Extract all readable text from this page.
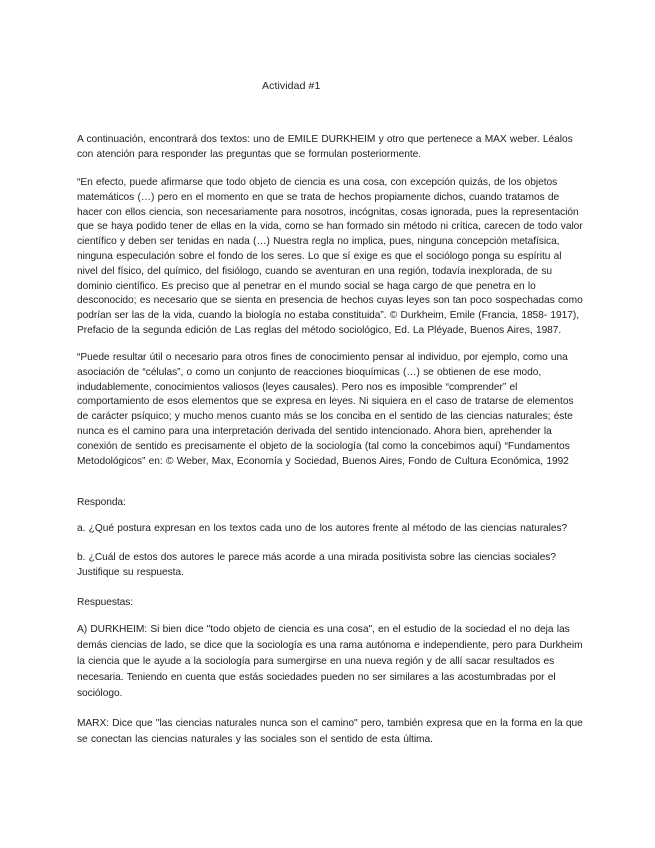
Actividad #1

A continuación, encontrará dos textos: uno de EMILE DURKHEIM y otro que pertenece a MAX weber. Léalos con atención para responder las preguntas que se formulan posteriormente.

“En efecto, puede afirmarse que todo objeto de ciencia es una cosa, con excepción quizás, de los objetos matemáticos (…) pero en el momento en que se trata de hechos propiamente dichos, cuando tratamos de hacer con ellos ciencia, son necesariamente para nosotros, incógnitas, cosas ignorada, pues la representación que se haya podido tener de ellas en la vida, como se han formado sin método ni crítica, carecen de todo valor científico y deben ser tenidas en nada (…) Nuestra regla no implica, pues, ninguna concepción metafísica, ninguna especulación sobre el fondo de los seres. Lo que sí exige es que el sociólogo ponga su espíritu al nivel del físico, del químico, del fisiólogo, cuando se aventuran en una región, todavía inexplorada, de su dominio científico. Es preciso que al penetrar en el mundo social se haga cargo de que penetra en lo desconocido; es necesario que se sienta en presencia de hechos cuyas leyes son tan poco sospechadas como podrían ser las de la vida, cuando la biología no estaba constituida”. © Durkheim, Emile (Francia, 1858- 1917), Prefacio de la segunda edición de Las reglas del método sociológico, Ed. La Pléyade, Buenos Aires, 1987.

“Puede resultar útil o necesario para otros fines de conocimiento pensar al individuo, por ejemplo, como una asociación de “células”, o como un conjunto de reacciones bioquímicas (…) se obtienen de ese modo, indudablemente, conocimientos valiosos (leyes causales). Pero nos es imposible “comprender” el comportamiento de esos elementos que se expresa en leyes. Ni siquiera en el caso de tratarse de elementos de carácter psíquico; y mucho menos cuanto más se los conciba en el sentido de las ciencias naturales; éste nunca es el camino para una interpretación derivada del sentido intencionado. Ahora bien, aprehender la conexión de sentido es precisamente el objeto de la sociología (tal como la concebimos aquí) “Fundamentos Metodológicos” en: © Weber, Max, Economía y Sociedad, Buenos Aires, Fondo de Cultura Económica, 1992

Responda:
a. ¿Qué postura expresan en los textos cada uno de los autores frente al método de las ciencias naturales?
b. ¿Cuál de estos dos autores le parece más acorde a una mirada positivista sobre las ciencias sociales? Justifique su respuesta.
Respuestas:
A) DURKHEIM: Si bien dice "todo objeto de ciencia es una cosa", en el estudio de la sociedad el no deja las demás ciencias de lado, se dice que la sociología es una rama autónoma e independiente, pero para Durkheim la ciencia que le ayude a la sociología para sumergirse en una nueva región y de allí sacar resultados es necesaria. Teniendo en cuenta que estás sociedades pueden no ser similares a las acostumbradas por el sociólogo.
MARX: Dice que "las ciencias naturales nunca son el camino" pero, también expresa que en la forma en la que se conectan las ciencias naturales y las sociales son el sentido de esta última.
